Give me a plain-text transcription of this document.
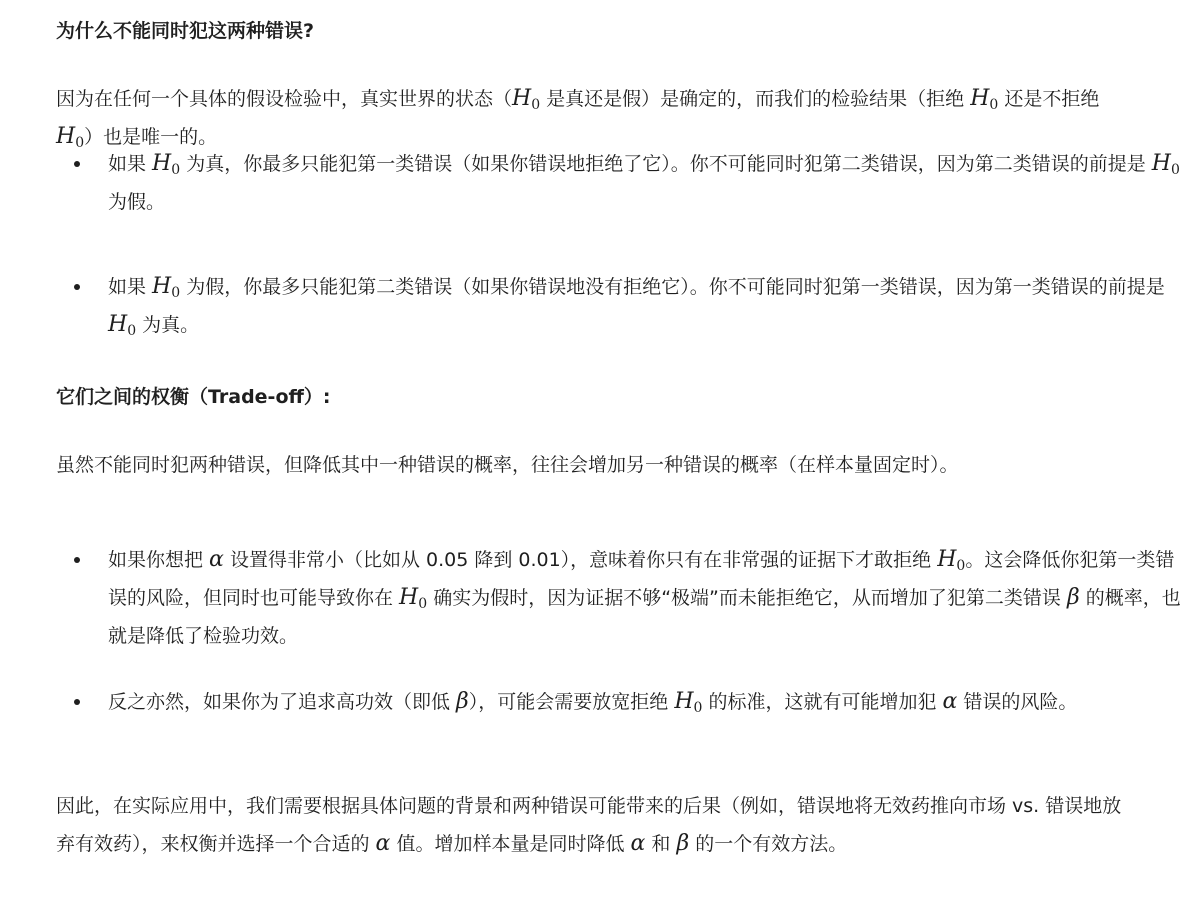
为什么不能同时犯这两种错误?

因为在任何一个具体的假设检验中，真实世界的状态（$H_0$ 是真还是假）是确定的，而我们的检验结果（拒绝 $H_0$ 还是不拒绝 $H_0$）也是唯一的。

如果 $H_0$ 为真，你最多只能犯第一类错误（如果你错误地拒绝了它）。你不可能同时犯第二类错误，因为第二类错误的前提是 $H_0$ 为假。
如果 $H_0$ 为假，你最多只能犯第二类错误（如果你错误地没有拒绝它）。你不可能同时犯第一类错误，因为第一类错误的前提是 $H_0$ 为真。

它们之间的权衡（Trade-off）:

虽然不能同时犯两种错误，但降低其中一种错误的概率，往往会增加另一种错误的概率（在样本量固定时）。

如果你想把 α 设置得非常小（比如从 0.05 降到 0.01），意味着你只有在非常强的证据下才敢拒绝 $H_0$。这会降低你犯第一类错误的风险，但同时也可能导致你在 $H_0$ 确实为假时，因为证据不够“极端”而未能拒绝它，从而增加了犯第二类错误 β 的概率，也就是降低了检验功效。
反之亦然，如果你为了追求高功效（即低 β），可能会需要放宽拒绝 $H_0$ 的标准，这就有可能增加犯 α 错误的风险。

因此，在实际应用中，我们需要根据具体问题的背景和两种错误可能带来的后果（例如，错误地将无效药推向市场 vs. 错误地放弃有效药），来权衡并选择一个合适的 α 值。增加样本量是同时降低 α 和 β 的一个有效方法。
